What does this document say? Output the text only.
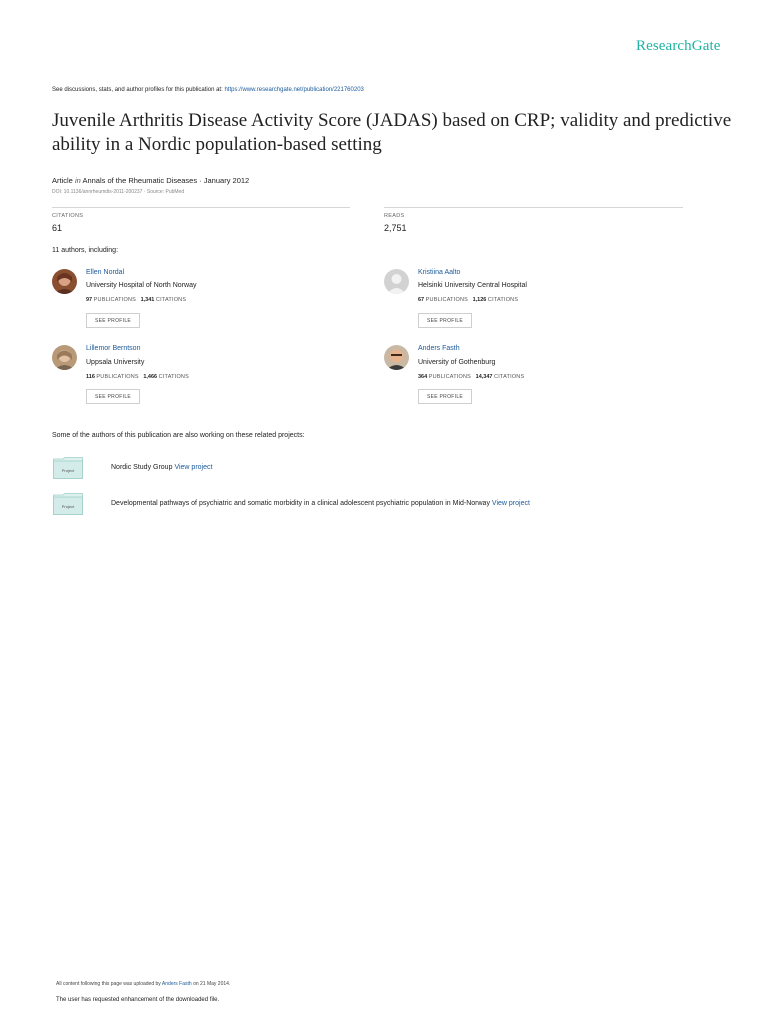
ResearchGate
See discussions, stats, and author profiles for this publication at: https://www.researchgate.net/publication/221760203
Juvenile Arthritis Disease Activity Score (JADAS) based on CRP; validity and predictive ability in a Nordic population-based setting
Article in Annals of the Rheumatic Diseases · January 2012
DOI: 10.1136/annrheumdis-2011-200237 · Source: PubMed
CITATIONS
61
READS
2,751
11 authors, including:
Ellen Nordal
University Hospital of North Norway
97 PUBLICATIONS 1,341 CITATIONS
SEE PROFILE
Kristiina Aalto
Helsinki University Central Hospital
67 PUBLICATIONS 1,126 CITATIONS
SEE PROFILE
Lillemor Berntson
Uppsala University
116 PUBLICATIONS 1,466 CITATIONS
SEE PROFILE
Anders Fasth
University of Gothenburg
364 PUBLICATIONS 14,347 CITATIONS
SEE PROFILE
Some of the authors of this publication are also working on these related projects:
Project	Nordic Study Group View project
Project	Developmental pathways of psychiatric and somatic morbidity in a clinical adolescent psychiatric population in Mid-Norway View project
All content following this page was uploaded by Anders Fasth on 21 May 2014.
The user has requested enhancement of the downloaded file.
